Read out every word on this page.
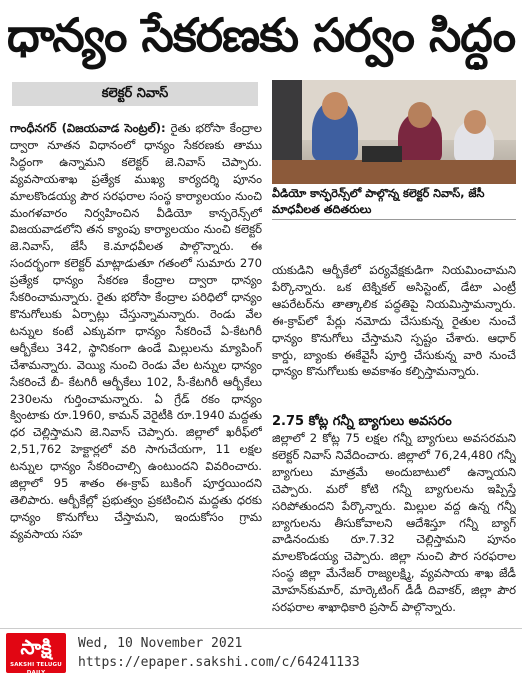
ధాన్యం సేకరణకు సర్వం సిద్ధం
కలెక్టర్ నివాస్
గాంధీనగర్ (విజయవాడ సెంట్రల్): రైతు భరోసా కేంద్రాల ద్వారా నూతన విధానంలో ధాన్యం సేకరణకు తాము సిద్ధంగా ఉన్నామని కలెక్టర్ జె.నివాస్ చెప్పారు. వ్యవసాయశాఖ ప్రత్యేక ముఖ్య కార్యదర్శి పూనం మాలకొండయ్య పౌర సరఫరాల సంస్థ కార్యాలయం నుంచి మంగళవారం నిర్వహించిన వీడియో కాన్ఫరెన్స్‌లో విజయవాడలోని తన క్యాంపు కార్యాలయం నుంచి కలెక్టర్ జె.నివాస్, జేసీ కె.మాధవీలత పాల్గొన్నారు. ఈ సందర్భంగా కలెక్టర్ మాట్లాడుతూ గతంలో సుమారు 270 ప్రత్యేక ధాన్యం సేకరణ కేంద్రాల ద్వారా ధాన్యం సేకరించామన్నారు. రైతు భరోసా కేంద్రాల పరిధిలో ధాన్యం కొనుగోలుకు ఏర్పాట్లు చేస్తున్నామన్నారు. రెండు వేల టన్నుల కంటే ఎక్కువగా ధాన్యం సేకరించే ఏ-కేటగిరీ ఆర్బీకేలు 342, స్థానికంగా ఉండే మిల్లులను మ్యాపింగ్ చేశామన్నారు. వెయ్యి నుంచి రెండు వేల టన్నుల ధాన్యం సేకరించే బీ- కేటగిరీ ఆర్బీకేలు 102, సీ-కేటగిరీ ఆర్బీకేలు 230లను గుర్తించామన్నారు. ఏ గ్రేడ్ రకం ధాన్యం క్వింటాకు రూ.1960, కామన్ వెరైటీకి రూ.1940 మద్దతు ధర చెల్లిస్తామని జె.నివాస్ చెప్పారు. జిల్లాలో ఖరీఫ్‌లో 2,51,762 హెక్టార్లలో వరి సాగుచేయగా, 11 లక్షల టన్నుల ధాన్యం సేకరించాల్సి ఉంటుందని వివరించారు. జిల్లాలో 95 శాతం ఈ-క్రాప్ బుకింగ్ పూర్తయిందని తెలిపారు. ఆర్బీకేల్లో ప్రభుత్వం ప్రకటించిన మద్దతు ధరకు ధాన్యం కొనుగోలు చేస్తామని, ఇందుకోసం గ్రామ వ్యవసాయ సహ
వీడియో కాన్ఫరెన్స్‌లో పాల్గొన్న కలెక్టర్ నివాస్, జేసీ మాధవీలత తదితరులు
యకుడిని ఆర్బీకేలో పర్యవేక్షకుడిగా నియమించామని పేర్కొన్నారు. ఒక టెక్నికల్ అసిస్టెంట్, డేటా ఎంట్రీ ఆపరేటర్‌ను తాత్కాలిక పద్ధతిపై నియమిస్తామన్నారు. ఈ-క్రాప్‌లో పేర్లు నమోదు చేసుకున్న రైతుల నుంచే ధాన్యం కొనుగోలు చేస్తామని స్పష్టం చేశారు. ఆధార్ కార్డు, బ్యాంకు ఈకేవైసీ పూర్తి చేసుకున్న వారి నుంచే ధాన్యం కొనుగోలుకు అవకాశం కల్పిస్తామన్నారు.
2.75 కోట్ల గన్నీ బ్యాగులు అవసరం
జిల్లాలో 2 కోట్ల 75 లక్షల గన్నీ బ్యాగులు అవసరమని కలెక్టర్ నివాస్ నివేదించారు. జిల్లాలో 76,24,480 గన్నీ బ్యాగులు మాత్రమే అందుబాటులో ఉన్నాయని చెప్పారు. మరో కోటి గన్నీ బ్యాగులను ఇప్పిస్తే సరిపోతుందని పేర్కొన్నారు. మిల్లుల వద్ద ఉన్న గన్నీ బ్యాగులను తీసుకోవాలని ఆదేశిస్తూ గన్నీ బ్యాగ్ వాడినందుకు రూ.7.32 చెల్లిస్తామని పూనం మాలకొండయ్య చెప్పారు. జిల్లా నుంచి పౌర సరఫరాల సంస్థ జిల్లా మేనేజర్ రాజ్యలక్ష్మి, వ్యవసాయ శాఖ జేడీ మోహన్‌కుమార్, మార్కెటింగ్ డీడీ దివాకర్, జిల్లా పౌర సరఫరాల శాఖాధికారి ప్రసాద్ పాల్గొన్నారు.
సాక్షి
SAKSHI TELUGU DAILY
Wed, 10 November 2021
https://epaper.sakshi.com/c/64241133
